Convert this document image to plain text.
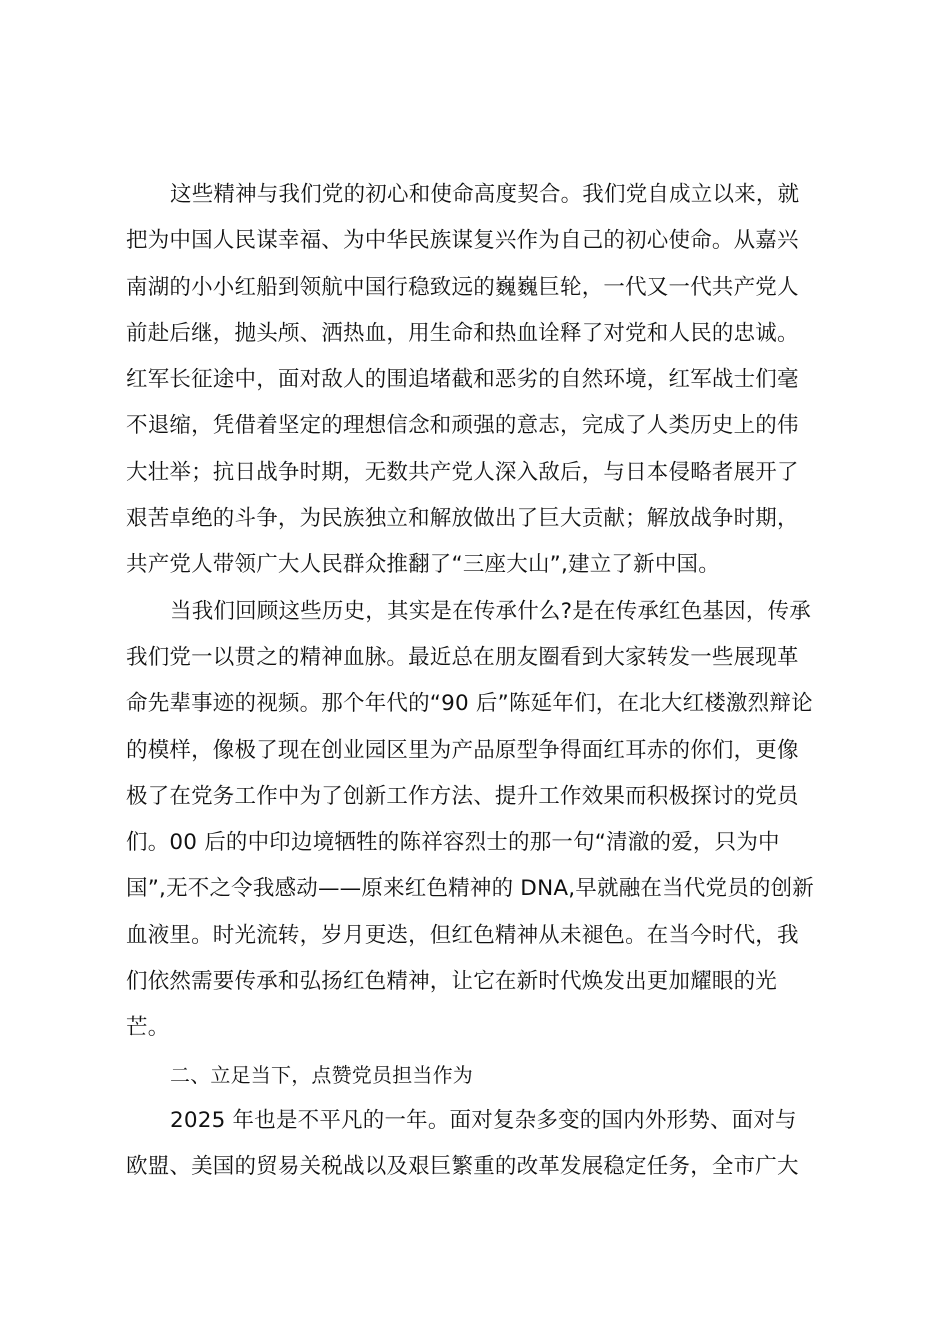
这些精神与我们党的初心和使命高度契合。我们党自成立以来，就
把为中国人民谋幸福、为中华民族谋复兴作为自己的初心使命。从嘉兴
南湖的小小红船到领航中国行稳致远的巍巍巨轮，一代又一代共产党人
前赴后继，抛头颅、洒热血，用生命和热血诠释了对党和人民的忠诚。
红军长征途中，面对敌人的围追堵截和恶劣的自然环境，红军战士们毫
不退缩，凭借着坚定的理想信念和顽强的意志，完成了人类历史上的伟
大壮举；抗日战争时期，无数共产党人深入敌后，与日本侵略者展开了
艰苦卓绝的斗争，为民族独立和解放做出了巨大贡献；解放战争时期，
共产党人带领广大人民群众推翻了“三座大山”,建立了新中国。
当我们回顾这些历史，其实是在传承什么?是在传承红色基因，传承
我们党一以贯之的精神血脉。最近总在朋友圈看到大家转发一些展现革
命先辈事迹的视频。那个年代的“90 后”陈延年们，在北大红楼激烈辩论
的模样，像极了现在创业园区里为产品原型争得面红耳赤的你们，更像
极了在党务工作中为了创新工作方法、提升工作效果而积极探讨的党员
们。00 后的中印边境牺牲的陈祥容烈士的那一句“清澈的爱，只为中
国”,无不之令我感动——原来红色精神的 DNA,早就融在当代党员的创新
血液里。时光流转，岁月更迭，但红色精神从未褪色。在当今时代，我
们依然需要传承和弘扬红色精神，让它在新时代焕发出更加耀眼的光
芒。
二、立足当下，点赞党员担当作为
2025 年也是不平凡的一年。面对复杂多变的国内外形势、面对与
欧盟、美国的贸易关税战以及艰巨繁重的改革发展稳定任务，全市广大
